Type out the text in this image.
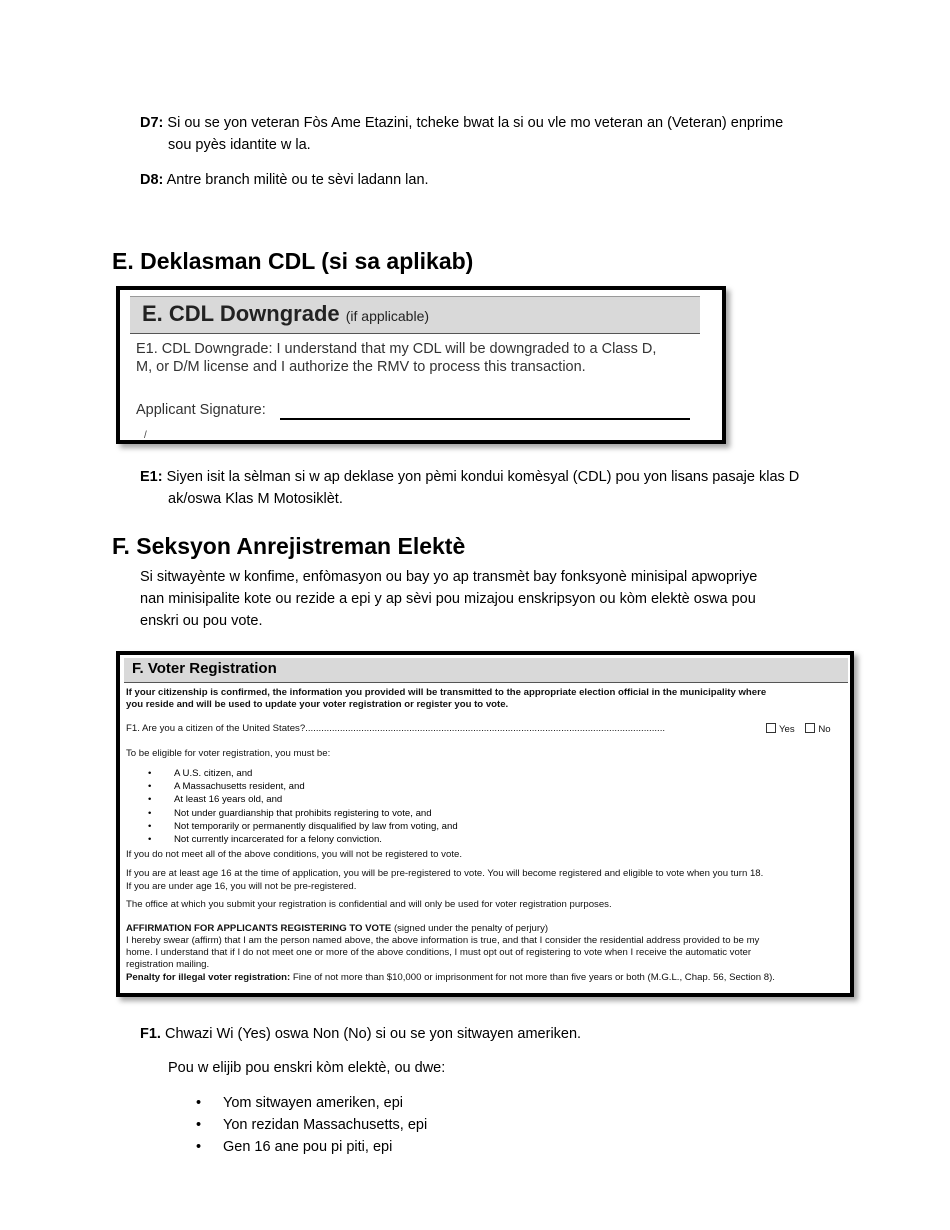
D7: Si ou se yon veteran Fòs Ame Etazini, tcheke bwat la si ou vle mo veteran an (Veteran) enprime
sou pyès idantite w la.
D8: Antre branch militè ou te sèvi ladann lan.
E. Deklasman CDL (si sa aplikab)
E. CDL Downgrade (if applicable)
E1. CDL Downgrade: I understand that my CDL will be downgraded to a Class D,
M, or D/M license and I authorize the RMV to process this transaction.
Applicant Signature:
/
E1: Siyen isit la sèlman si w ap deklase yon pèmi kondui komèsyal (CDL) pou yon lisans pasaje klas D
ak/oswa Klas M Motosiklèt.
F. Seksyon Anrejistreman Elektè
Si sitwayènte w konfime, enfòmasyon ou bay yo ap transmèt bay fonksyonè minisipal apwopriye
nan minisipalite kote ou rezide a epi y ap sèvi pou mizajou enskripsyon ou kòm elektè oswa pou
enskri ou pou vote.
F. Voter Registration
If your citizenship is confirmed, the information you provided will be transmitted to the appropriate election official in the municipality where
you reside and will be used to update your voter registration or register you to vote.
F1. Are you a citizen of the United States?.......................................................................................................................................	Yes No
To be eligible for voter registration, you must be:
• A U.S. citizen, and
• A Massachusetts resident, and
• At least 16 years old, and
• Not under guardianship that prohibits registering to vote, and
• Not temporarily or permanently disqualified by law from voting, and
• Not currently incarcerated for a felony conviction.
If you do not meet all of the above conditions, you will not be registered to vote.
If you are at least age 16 at the time of application, you will be pre-registered to vote. You will become registered and eligible to vote when you turn 18.
If you are under age 16, you will not be pre-registered.
The office at which you submit your registration is confidential and will only be used for voter registration purposes.
AFFIRMATION FOR APPLICANTS REGISTERING TO VOTE (signed under the penalty of perjury)
I hereby swear (affirm) that I am the person named above, the above information is true, and that I consider the residential address provided to be my
home. I understand that if I do not meet one or more of the above conditions, I must opt out of registering to vote when I receive the automatic voter
registration mailing.
Penalty for illegal voter registration: Fine of not more than $10,000 or imprisonment for not more than five years or both (M.G.L., Chap. 56, Section 8).
F1. Chwazi Wi (Yes) oswa Non (No) si ou se yon sitwayen ameriken.
Pou w elijib pou enskri kòm elektè, ou dwe:
• Yom sitwayen ameriken, epi
• Yon rezidan Massachusetts, epi
• Gen 16 ane pou pi piti, epi
